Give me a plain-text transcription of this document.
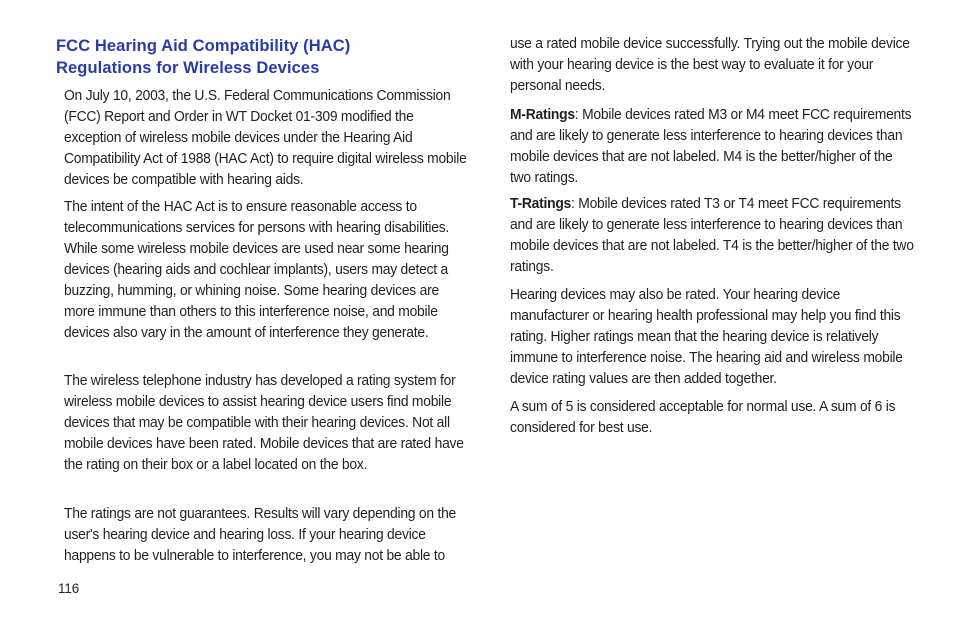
FCC Hearing Aid Compatibility (HAC)
Regulations for Wireless Devices

On July 10, 2003, the U.S. Federal Communications Commission (FCC) Report and Order in WT Docket 01-309 modified the exception of wireless mobile devices under the Hearing Aid Compatibility Act of 1988 (HAC Act) to require digital wireless mobile devices be compatible with hearing aids.

The intent of the HAC Act is to ensure reasonable access to telecommunications services for persons with hearing disabilities. While some wireless mobile devices are used near some hearing devices (hearing aids and cochlear implants), users may detect a buzzing, humming, or whining noise. Some hearing devices are more immune than others to this interference noise, and mobile devices also vary in the amount of interference they generate.

The wireless telephone industry has developed a rating system for wireless mobile devices to assist hearing device users find mobile devices that may be compatible with their hearing devices. Not all mobile devices have been rated. Mobile devices that are rated have the rating on their box or a label located on the box.

The ratings are not guarantees. Results will vary depending on the user's hearing device and hearing loss. If your hearing device happens to be vulnerable to interference, you may not be able to

use a rated mobile device successfully. Trying out the mobile device with your hearing device is the best way to evaluate it for your personal needs.

M-Ratings: Mobile devices rated M3 or M4 meet FCC requirements and are likely to generate less interference to hearing devices than mobile devices that are not labeled. M4 is the better/higher of the two ratings.

T-Ratings: Mobile devices rated T3 or T4 meet FCC requirements and are likely to generate less interference to hearing devices than mobile devices that are not labeled. T4 is the better/higher of the two ratings.

Hearing devices may also be rated. Your hearing device manufacturer or hearing health professional may help you find this rating. Higher ratings mean that the hearing device is relatively immune to interference noise. The hearing aid and wireless mobile device rating values are then added together.

A sum of 5 is considered acceptable for normal use. A sum of 6 is considered for best use.

116
